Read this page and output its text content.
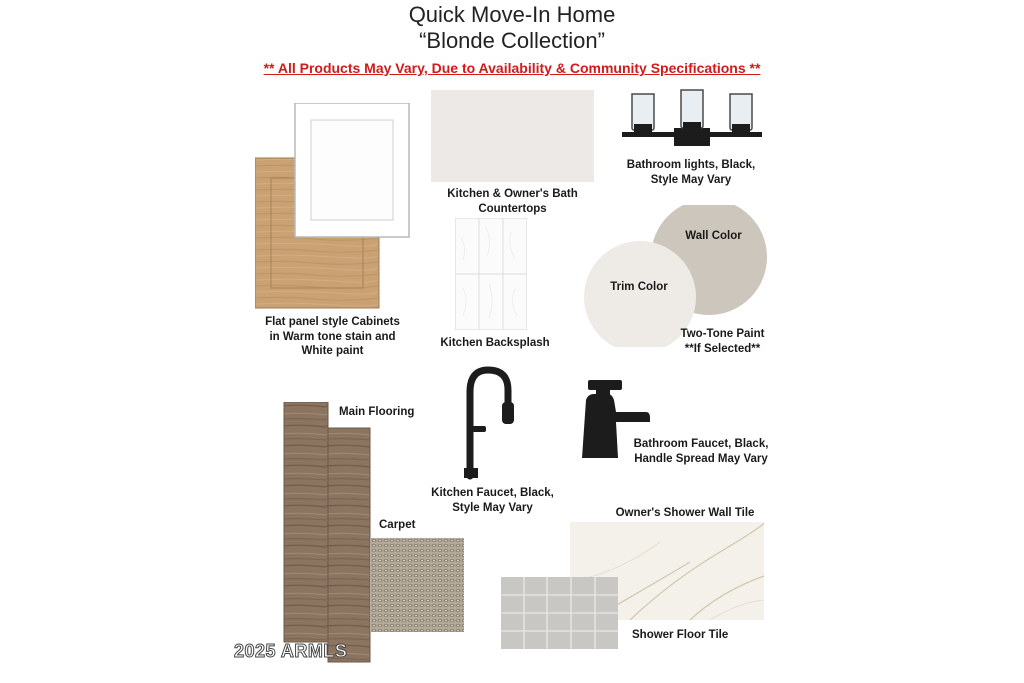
Quick Move-In Home
“Blonde Collection”
** All Products May Vary, Due to Availability & Community Specifications **
Flat panel style Cabinets
in Warm tone stain and
White paint
Kitchen & Owner's Bath
Countertops
Bathroom lights, Black,
Style May Vary
Kitchen Backsplash
Wall Color
Trim Color
Two-Tone Paint
**If Selected**
Main Flooring
Carpet
Kitchen Faucet, Black,
Style May Vary
Bathroom Faucet, Black,
Handle Spread May Vary
Owner's Shower Wall Tile
Shower Floor Tile
2025 ARMLS
